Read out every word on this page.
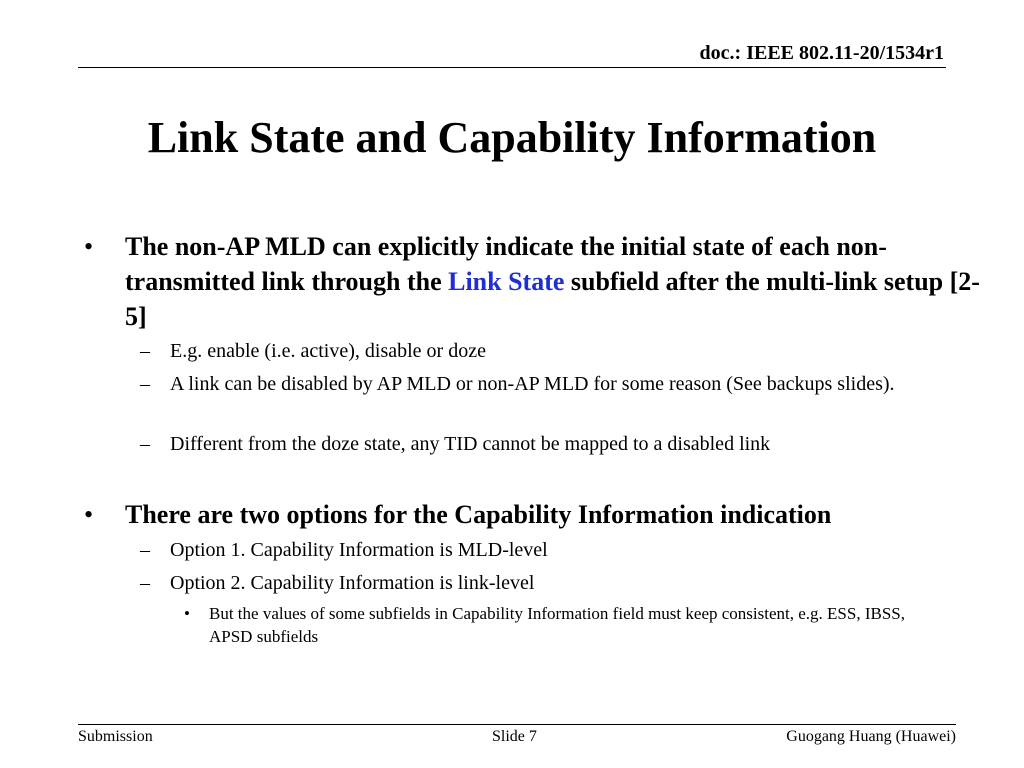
doc.: IEEE 802.11-20/1534r1
Link State and Capability Information
• The non-AP MLD can explicitly indicate the initial state of each non-transmitted link through the Link State subfield after the multi-link setup [2-5]
– E.g. enable (i.e. active), disable or doze
– A link can be disabled by AP MLD or non-AP MLD for some reason (See backups slides).
– Different from the doze state, any TID cannot be mapped to a disabled link
• There are two options for the Capability Information indication
– Option 1. Capability Information is MLD-level
– Option 2. Capability Information is link-level
• But the values of some subfields in Capability Information field must keep consistent, e.g. ESS, IBSS, APSD subfields
Submission	Slide 7	Guogang Huang (Huawei)
